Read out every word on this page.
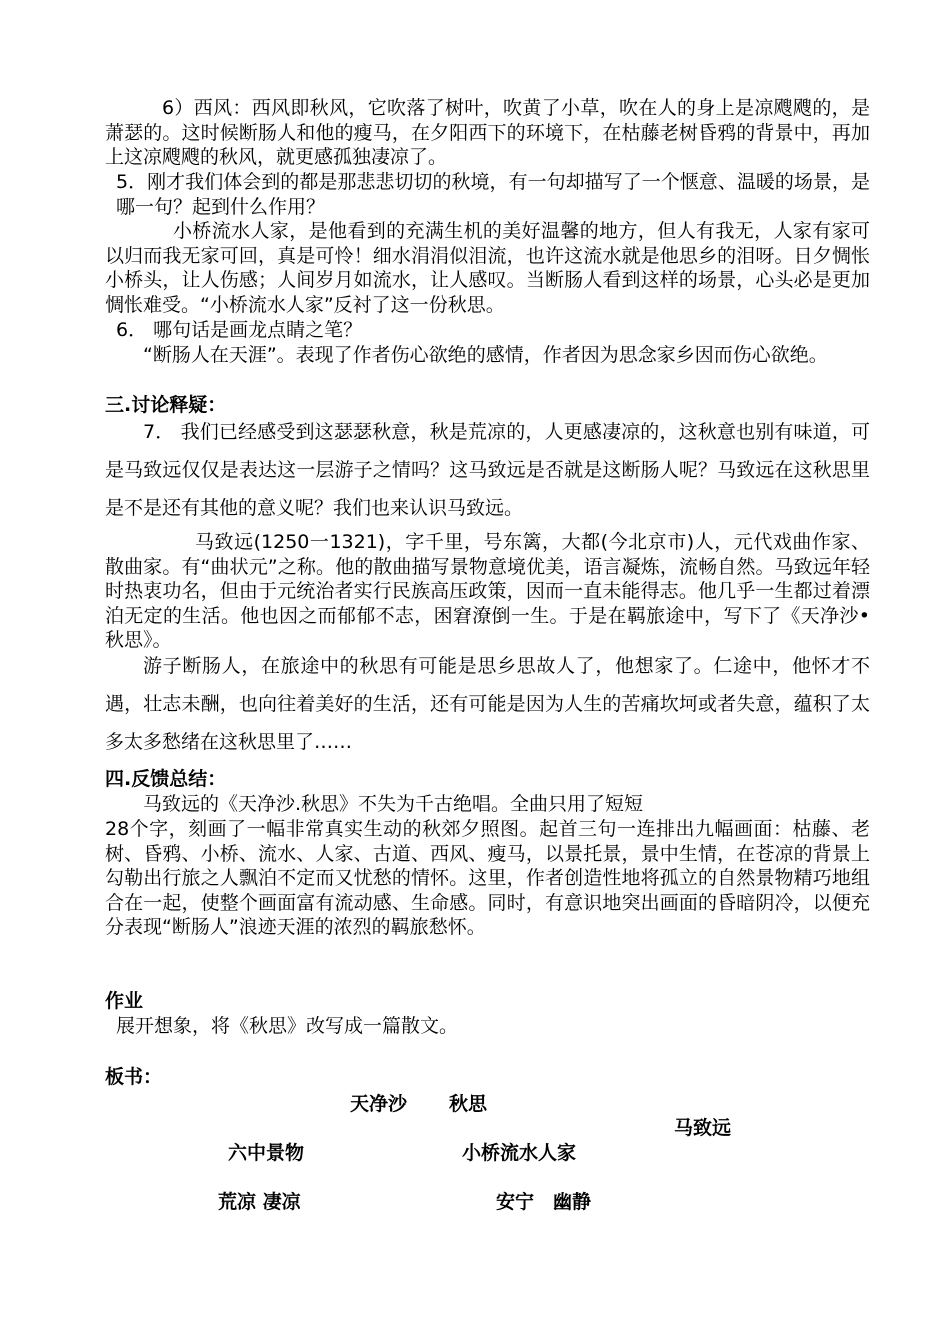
6）西风：西风即秋风，它吹落了树叶，吹黄了小草，吹在人的身上是凉飕飕的，是萧瑟的。这时候断肠人和他的瘦马，在夕阳西下的环境下，在枯藤老树昏鸦的背景中，再加上这凉飕飕的秋风，就更感孤独凄凉了。

5．刚才我们体会到的都是那悲悲切切的秋境，有一句却描写了一个惬意、温暖的场景，是哪一句？起到什么作用？

小桥流水人家，是他看到的充满生机的美好温馨的地方，但人有我无，人家有家可以归而我无家可回，真是可怜！细水涓涓似泪流，也许这流水就是他思乡的泪呀。日夕惆怅小桥头，让人伤感；人间岁月如流水，让人感叹。当断肠人看到这样的场景，心头必是更加惆怅难受。“小桥流水人家”反衬了这一份秋思。

6． 哪句话是画龙点睛之笔？

“断肠人在天涯”。表现了作者伤心欲绝的感情，作者因为思念家乡因而伤心欲绝。

三.讨论释疑：

7． 我们已经感受到这瑟瑟秋意，秋是荒凉的，人更感凄凉的，这秋意也别有味道，可是马致远仅仅是表达这一层游子之情吗？这马致远是否就是这断肠人呢？马致远在这秋思里是不是还有其他的意义呢？我们也来认识马致远。

马致远(1250一1321)，字千里，号东篱，大都(今北京市)人，元代戏曲作家、散曲家。有“曲状元”之称。他的散曲描写景物意境优美，语言凝炼，流畅自然。马致远年轻时热衷功名，但由于元统治者实行民族高压政策，因而一直未能得志。他几乎一生都过着漂泊无定的生活。他也因之而郁郁不志，困窘潦倒一生。于是在羁旅途中，写下了《天净沙•秋思》。

游子断肠人，在旅途中的秋思有可能是思乡思故人了，他想家了。仁途中，他怀才不遇，壮志未酬，也向往着美好的生活，还有可能是因为人生的苦痛坎坷或者失意，蕴积了太多太多愁绪在这秋思里了……

四.反馈总结：

马致远的《天净沙.秋思》不失为千古绝唱。全曲只用了短短

28个字，刻画了一幅非常真实生动的秋郊夕照图。起首三句一连排出九幅画面：枯藤、老树、昏鸦、小桥、流水、人家、古道、西风、瘦马，以景托景，景中生情，在苍凉的背景上勾勒出行旅之人飘泊不定而又忧愁的情怀。这里，作者创造性地将孤立的自然景物精巧地组合在一起，使整个画面富有流动感、生命感。同时，有意识地突出画面的昏暗阴冷，以便充分表现“断肠人”浪迹天涯的浓烈的羁旅愁怀。

作业

展开想象，将《秋思》改写成一篇散文。

板书：

天净沙 秋思
马致远
六中景物	小桥流水人家
荒凉 凄凉	安宁　幽静
